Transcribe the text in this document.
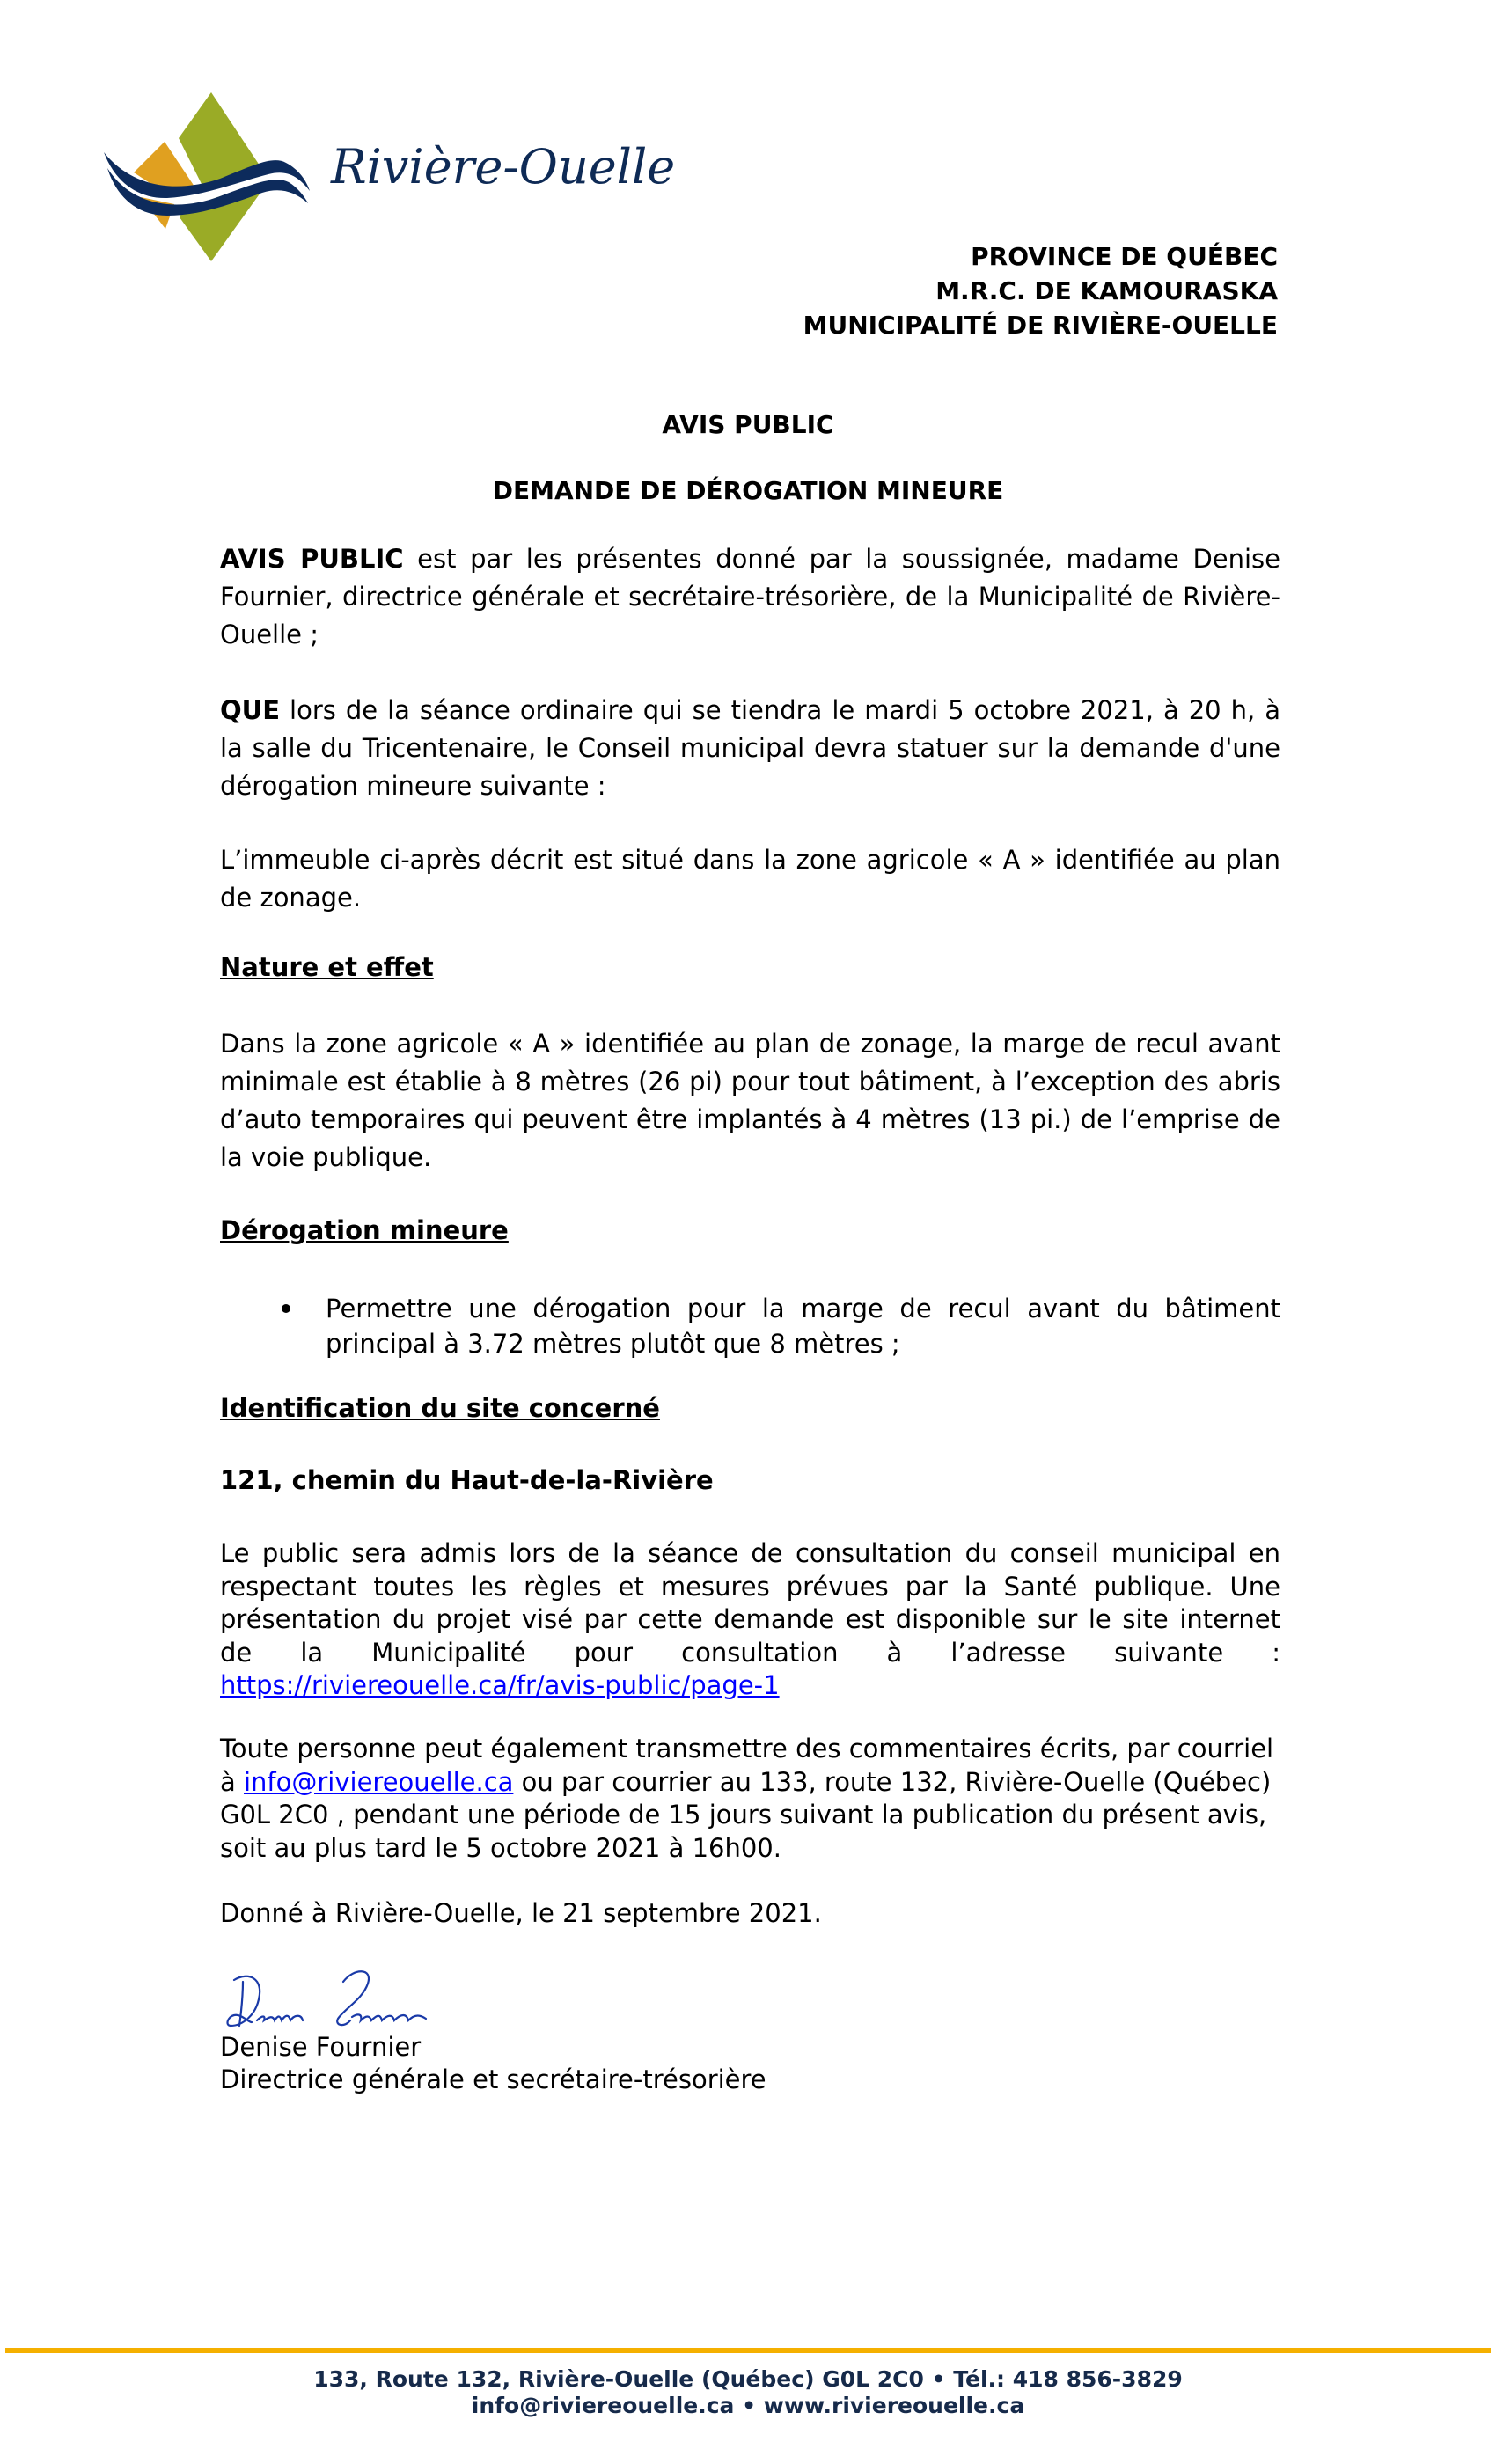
Rivière-Ouelle
PROVINCE DE QUÉBEC
M.R.C. DE KAMOURASKA
MUNICIPALITÉ DE RIVIÈRE-OUELLE
AVIS PUBLIC
DEMANDE DE DÉROGATION MINEURE
AVIS PUBLIC est par les présentes donné par la soussignée, madame Denise Fournier, directrice générale et secrétaire-trésorière, de la Municipalité de Rivière-Ouelle ;
QUE lors de la séance ordinaire qui se tiendra le mardi 5 octobre 2021, à 20 h, à la salle du Tricentenaire, le Conseil municipal devra statuer sur la demande d'une dérogation mineure suivante :
L’immeuble ci-après décrit est situé dans la zone agricole « A » identifiée au plan de zonage.
Nature et effet
Dans la zone agricole « A » identifiée au plan de zonage, la marge de recul avant minimale est établie à 8 mètres (26 pi) pour tout bâtiment, à l’exception des abris d’auto temporaires qui peuvent être implantés à 4 mètres (13 pi.) de l’emprise de la voie publique.
Dérogation mineure
Permettre une dérogation pour la marge de recul avant du bâtiment principal à 3.72 mètres plutôt que 8 mètres ;
Identification du site concerné
121, chemin du Haut-de-la-Rivière
Le public sera admis lors de la séance de consultation du conseil municipal en respectant toutes les règles et mesures prévues par la Santé publique. Une présentation du projet visé par cette demande est disponible sur le site internet de la Municipalité pour consultation à l’adresse suivante :
https://riviereouelle.ca/fr/avis-public/page-1
Toute personne peut également transmettre des commentaires écrits, par courriel à info@riviereouelle.ca ou par courrier au 133, route 132, Rivière-Ouelle (Québec) G0L 2C0 , pendant une période de 15 jours suivant la publication du présent avis, soit au plus tard le 5 octobre 2021 à 16h00.
Donné à Rivière-Ouelle, le 21 septembre 2021.
Denise Fournier
Directrice générale et secrétaire-trésorière
133, Route 132, Rivière-Ouelle (Québec) G0L 2C0 • Tél.: 418 856-3829
info@riviereouelle.ca • www.riviereouelle.ca
